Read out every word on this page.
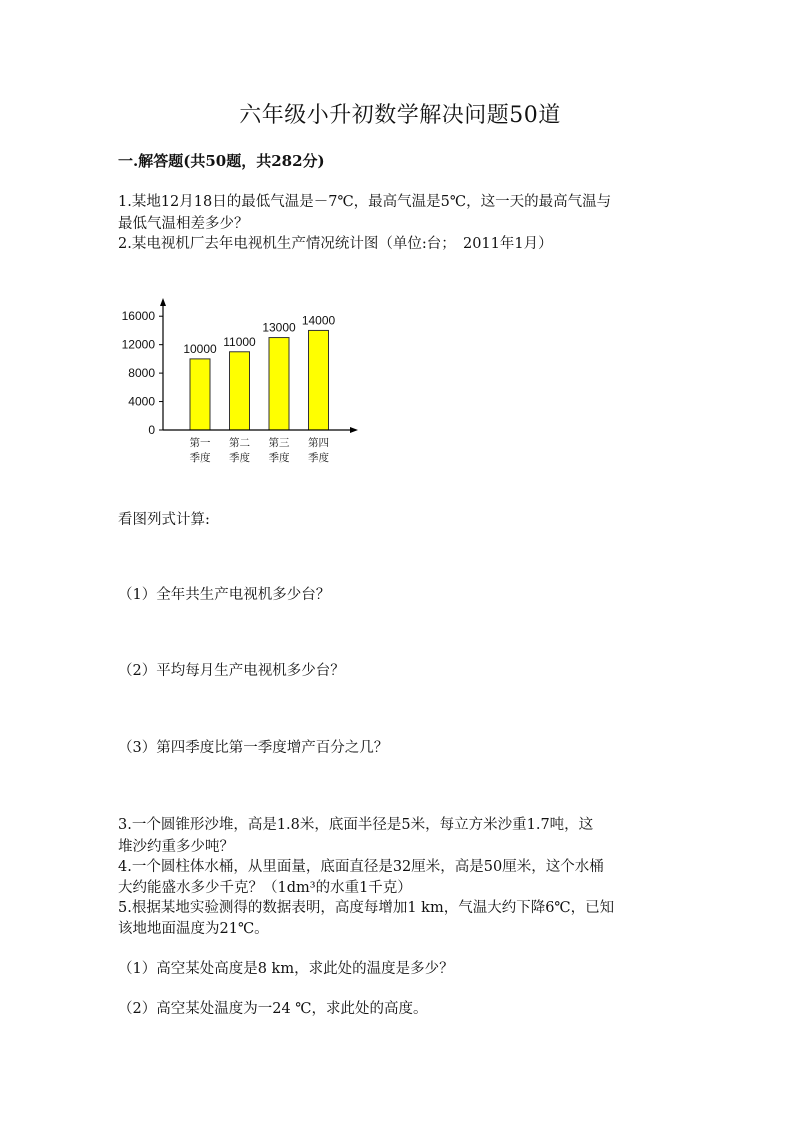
六年级小升初数学解决问题50道
一.解答题(共50题，共282分)
1.某地12月18日的最低气温是－7℃，最高气温是5℃，这一天的最高气温与
最低气温相差多少？
2.某电视机厂去年电视机生产情况统计图（单位:台；　2011年1月）
0
4000
8000
12000
16000
10000
11000
13000
14000
第一
季度
第二
季度
第三
季度
第四
季度
看图列式计算:
（1）全年共生产电视机多少台？
（2）平均每月生产电视机多少台？
（3）第四季度比第一季度增产百分之几？
3.一个圆锥形沙堆，高是1.8米，底面半径是5米，每立方米沙重1.7吨，这
堆沙约重多少吨？
4.一个圆柱体水桶，从里面量，底面直径是32厘米，高是50厘米，这个水桶
大约能盛水多少千克？（1dm³的水重1千克）
5.根据某地实验测得的数据表明，高度每增加1 km，气温大约下降6℃，已知
该地地面温度为21℃。
（1）高空某处高度是8 km，求此处的温度是多少？
（2）高空某处温度为一24 ℃，求此处的高度。
